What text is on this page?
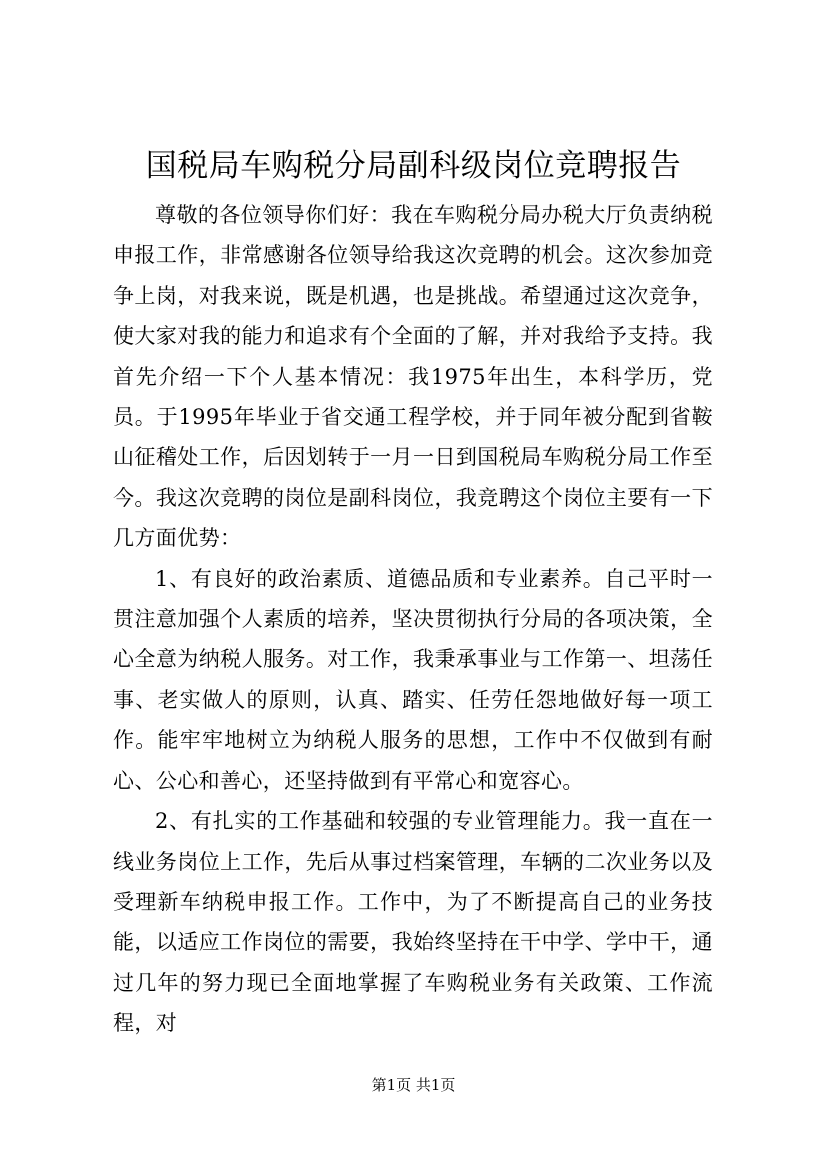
国税局车购税分局副科级岗位竞聘报告

尊敬的各位领导你们好：我在车购税分局办税大厅负责纳税申报工作，非常感谢各位领导给我这次竞聘的机会。这次参加竞争上岗，对我来说，既是机遇，也是挑战。希望通过这次竞争，使大家对我的能力和追求有个全面的了解，并对我给予支持。我首先介绍一下个人基本情况：我1975年出生，本科学历，党员。于1995年毕业于省交通工程学校，并于同年被分配到省鞍山征稽处工作，后因划转于一月一日到国税局车购税分局工作至今。我这次竞聘的岗位是副科岗位，我竞聘这个岗位主要有一下几方面优势：

1、有良好的政治素质、道德品质和专业素养。自己平时一贯注意加强个人素质的培养，坚决贯彻执行分局的各项决策，全心全意为纳税人服务。对工作，我秉承事业与工作第一、坦荡任事、老实做人的原则，认真、踏实、任劳任怨地做好每一项工作。能牢牢地树立为纳税人服务的思想，工作中不仅做到有耐心、公心和善心，还坚持做到有平常心和宽容心。

2、有扎实的工作基础和较强的专业管理能力。我一直在一线业务岗位上工作，先后从事过档案管理，车辆的二次业务以及受理新车纳税申报工作。工作中，为了不断提高自己的业务技能，以适应工作岗位的需要，我始终坚持在干中学、学中干，通过几年的努力现已全面地掌握了车购税业务有关政策、工作流程，对

第1页 共1页
